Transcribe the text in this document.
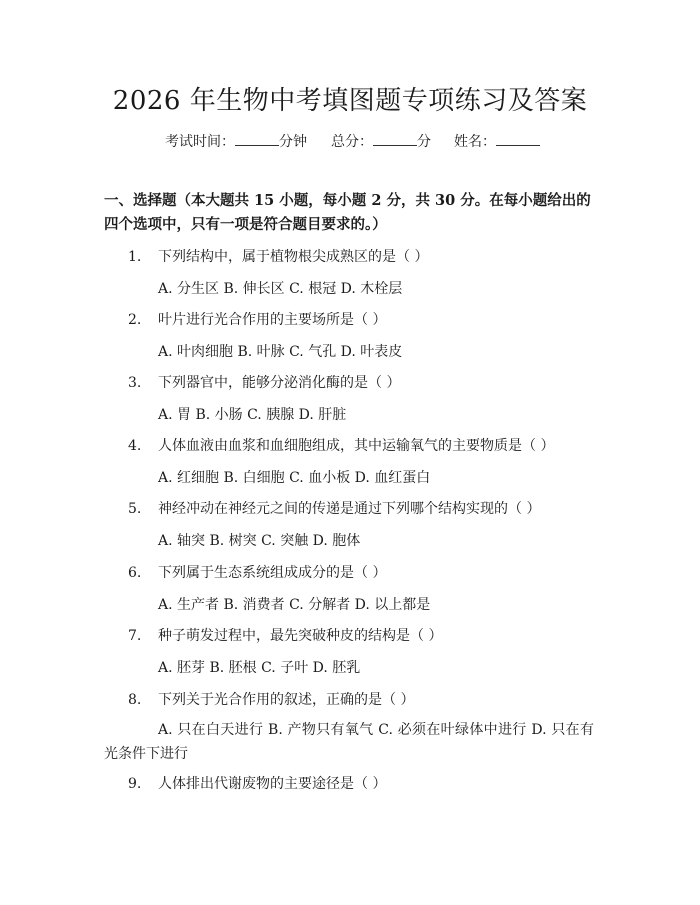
2026 年生物中考填图题专项练习及答案
考试时间：	分钟 总分：	分 姓名：
一、选择题（本大题共 15 小题，每小题 2 分，共 30 分。在每小题给出的四个选项中，只有一项是符合题目要求的。）
1. 下列结构中，属于植物根尖成熟区的是（ ）
A. 分生区 B. 伸长区 C. 根冠 D. 木栓层
2. 叶片进行光合作用的主要场所是（ ）
A. 叶肉细胞 B. 叶脉 C. 气孔 D. 叶表皮
3. 下列器官中，能够分泌消化酶的是（ ）
A. 胃 B. 小肠 C. 胰腺 D. 肝脏
4. 人体血液由血浆和血细胞组成，其中运输氧气的主要物质是（ ）
A. 红细胞 B. 白细胞 C. 血小板 D. 血红蛋白
5. 神经冲动在神经元之间的传递是通过下列哪个结构实现的（ ）
A. 轴突 B. 树突 C. 突触 D. 胞体
6. 下列属于生态系统组成成分的是（ ）
A. 生产者 B. 消费者 C. 分解者 D. 以上都是
7. 种子萌发过程中，最先突破种皮的结构是（ ）
A. 胚芽 B. 胚根 C. 子叶 D. 胚乳
8. 下列关于光合作用的叙述，正确的是（ ）
A. 只在白天进行 B. 产物只有氧气 C. 必须在叶绿体中进行 D. 只在有光条件下进行
9. 人体排出代谢废物的主要途径是（ ）
